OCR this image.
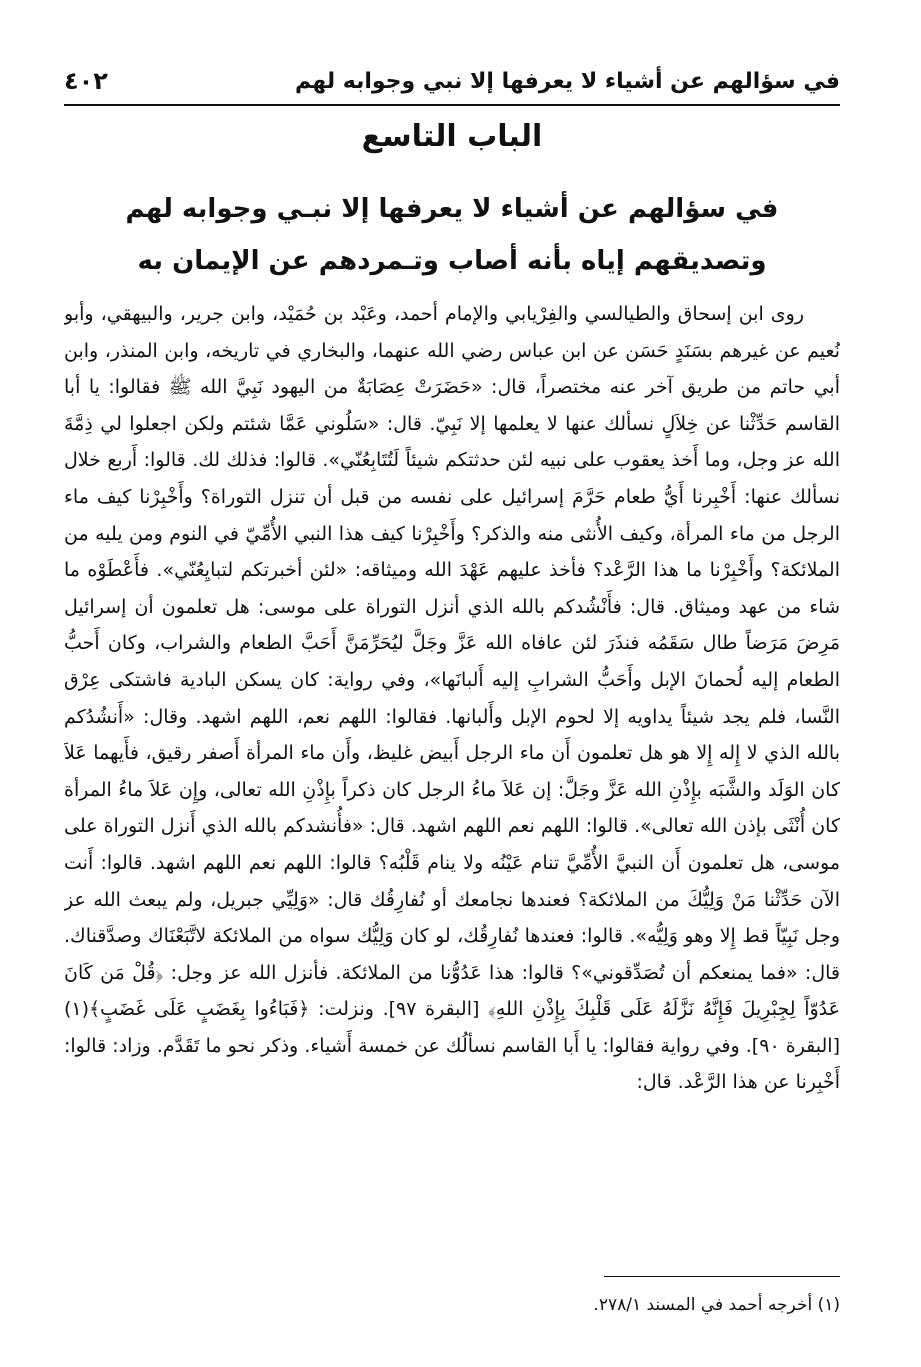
في سؤالهم عن أشياء لا يعرفها إلا نبي وجوابه لهم
٤٠٢
الباب التاسع
في سؤالهم عن أشياء لا يعرفها إلا نبـي وجوابه لهم
وتصديقهم إياه بأنه أصاب وتـمردهم عن الإيمان به

روى ابن إسحاق والطيالسي والفِرْيابي والإمام أحمد، وعَبْد بن حُمَيْد، وابن جرير، والبيهقي، وأبو نُعيم عن غيرهم بسَنَدٍ حَسَن عن ابن عباس رضي الله عنهما، والبخاري في تاريخه، وابن المنذر، وابن أبي حاتم من طريق آخر عنه مختصراً، قال: «حَضَرَتْ عِصَابَةٌ من اليهود نَبِيَّ الله ﷺ فقالوا: يا أبا القاسم حَدِّثْنا عن خِلاَلٍ نسألك عنها لا يعلمها إلا نَبِيّ. قال: «سَلُوني عَمَّا شئتم ولكن اجعلوا لي ذِمَّةَ الله عز وجل، وما أَخذ يعقوب على نبيه لئن حدثتكم شيئاً لَتُتَابِعُنّي». قالوا: فذلك لك. قالوا: أَربع خلال نسألك عنها: أَخْبِرنا أَيُّ طعام حَرَّمَ إسرائيل على نفسه من قبل أن تنزل التوراة؟ وأَخْبِرْنا كيف ماء الرجل من ماء المرأة، وكيف الأُنثى منه والذكر؟ وأَخْبِرْنا كيف هذا النبي الأُمِّيّ في النوم ومن يليه من الملائكة؟ وأَخْبِرْنا ما هذا الرَّعْد؟ فأخذ عليهم عَهْدَ الله وميثاقه: «لئن أخبرتكم لتبايِعُنّي». فأَعْطَوْه ما شاء من عهد وميثاق. قال: فأَنْشُدكم بالله الذي أنزل التوراة على موسى: هل تعلمون أن إسرائيل مَرِضَ مَرَضاً طال سَقَمُه فنذَرَ لئن عافاه الله عَزَّ وجَلَّ ليُحَرِّمَنَّ أَحَبَّ الطعام والشراب، وكان أَحبُّ الطعام إليه لُحمانَ الإبل وأَحَبُّ الشرابِ إليه أَلبانَها»، وفي رواية: كان يسكن البادية فاشتكى عِرْق النَّسا، فلم يجد شيئاً يداويه إلا لحوم الإبل وأَلبانها. فقالوا: اللهم نعم، اللهم اشهد. وقال: «أَنشُدُكم بالله الذي لا إِله إِلا هو هل تعلمون أَن ماء الرجل أَبيض غليظ، وأَن ماء المرأة أَصفر رقيق، فأَيهما عَلاَ كان الوَلَد والشَّبَه بإِذْنِ الله عَزَّ وجَلَّ: إن عَلاَ ماءُ الرجل كان ذكراً بإِذْنِ الله تعالى، وإِن عَلاَ ماءُ المرأة كان أُنْثَى بإذن الله تعالى». قالوا: اللهم نعم اللهم اشهد. قال: «فأُنشدكم بالله الذي أَنزل التوراة على موسى، هل تعلمون أَن النبيَّ الأُمِّيَّ تنام عَيْنُه ولا ينام قَلْبُه؟ قالوا: اللهم نعم اللهم اشهد. قالوا: أَنت الآن حَدِّثْنا مَنْ وَلِيُّكَ من الملائكة؟ فعندها نجامعك أو نُفارِقُك قال: «وَلِيِّي جبريل، ولم يبعث الله عز وجل نَبِيّاً قط إِلا وهو وَلِيُّه». قالوا: فعندها نُفارِقُك، لو كان وَلِيُّك سواه من الملائكة لاتَّبَعْنَاك وصدَّقناك. قال: «فما يمنعكم أن تُصَدِّقوني»؟ قالوا: هذا عَدُوُّنا من الملائكة. فأنزل الله عز وجل: ﴿قُلْ مَن كَانَ عَدُوّاً لِجِبْرِيلَ فَإِنَّهُ نَزَّلَهُ عَلَى قَلْبِكَ بِإِذْنِ اللهِ﴾ [البقرة ٩٧]. ونزلت: ﴿فَبَاءُوا بِغَضَبٍ عَلَى غَضَبٍ﴾(١) [البقرة ٩٠]. وفي رواية فقالوا: يا أَبا القاسم نسألُك عن خمسة أَشياء. وذكر نحو ما تَقَدَّم. وزاد: قالوا: أَخْبِرنا عن هذا الرَّعْد. قال:

(١) أخرجه أحمد في المسند ٢٧٨/١.
